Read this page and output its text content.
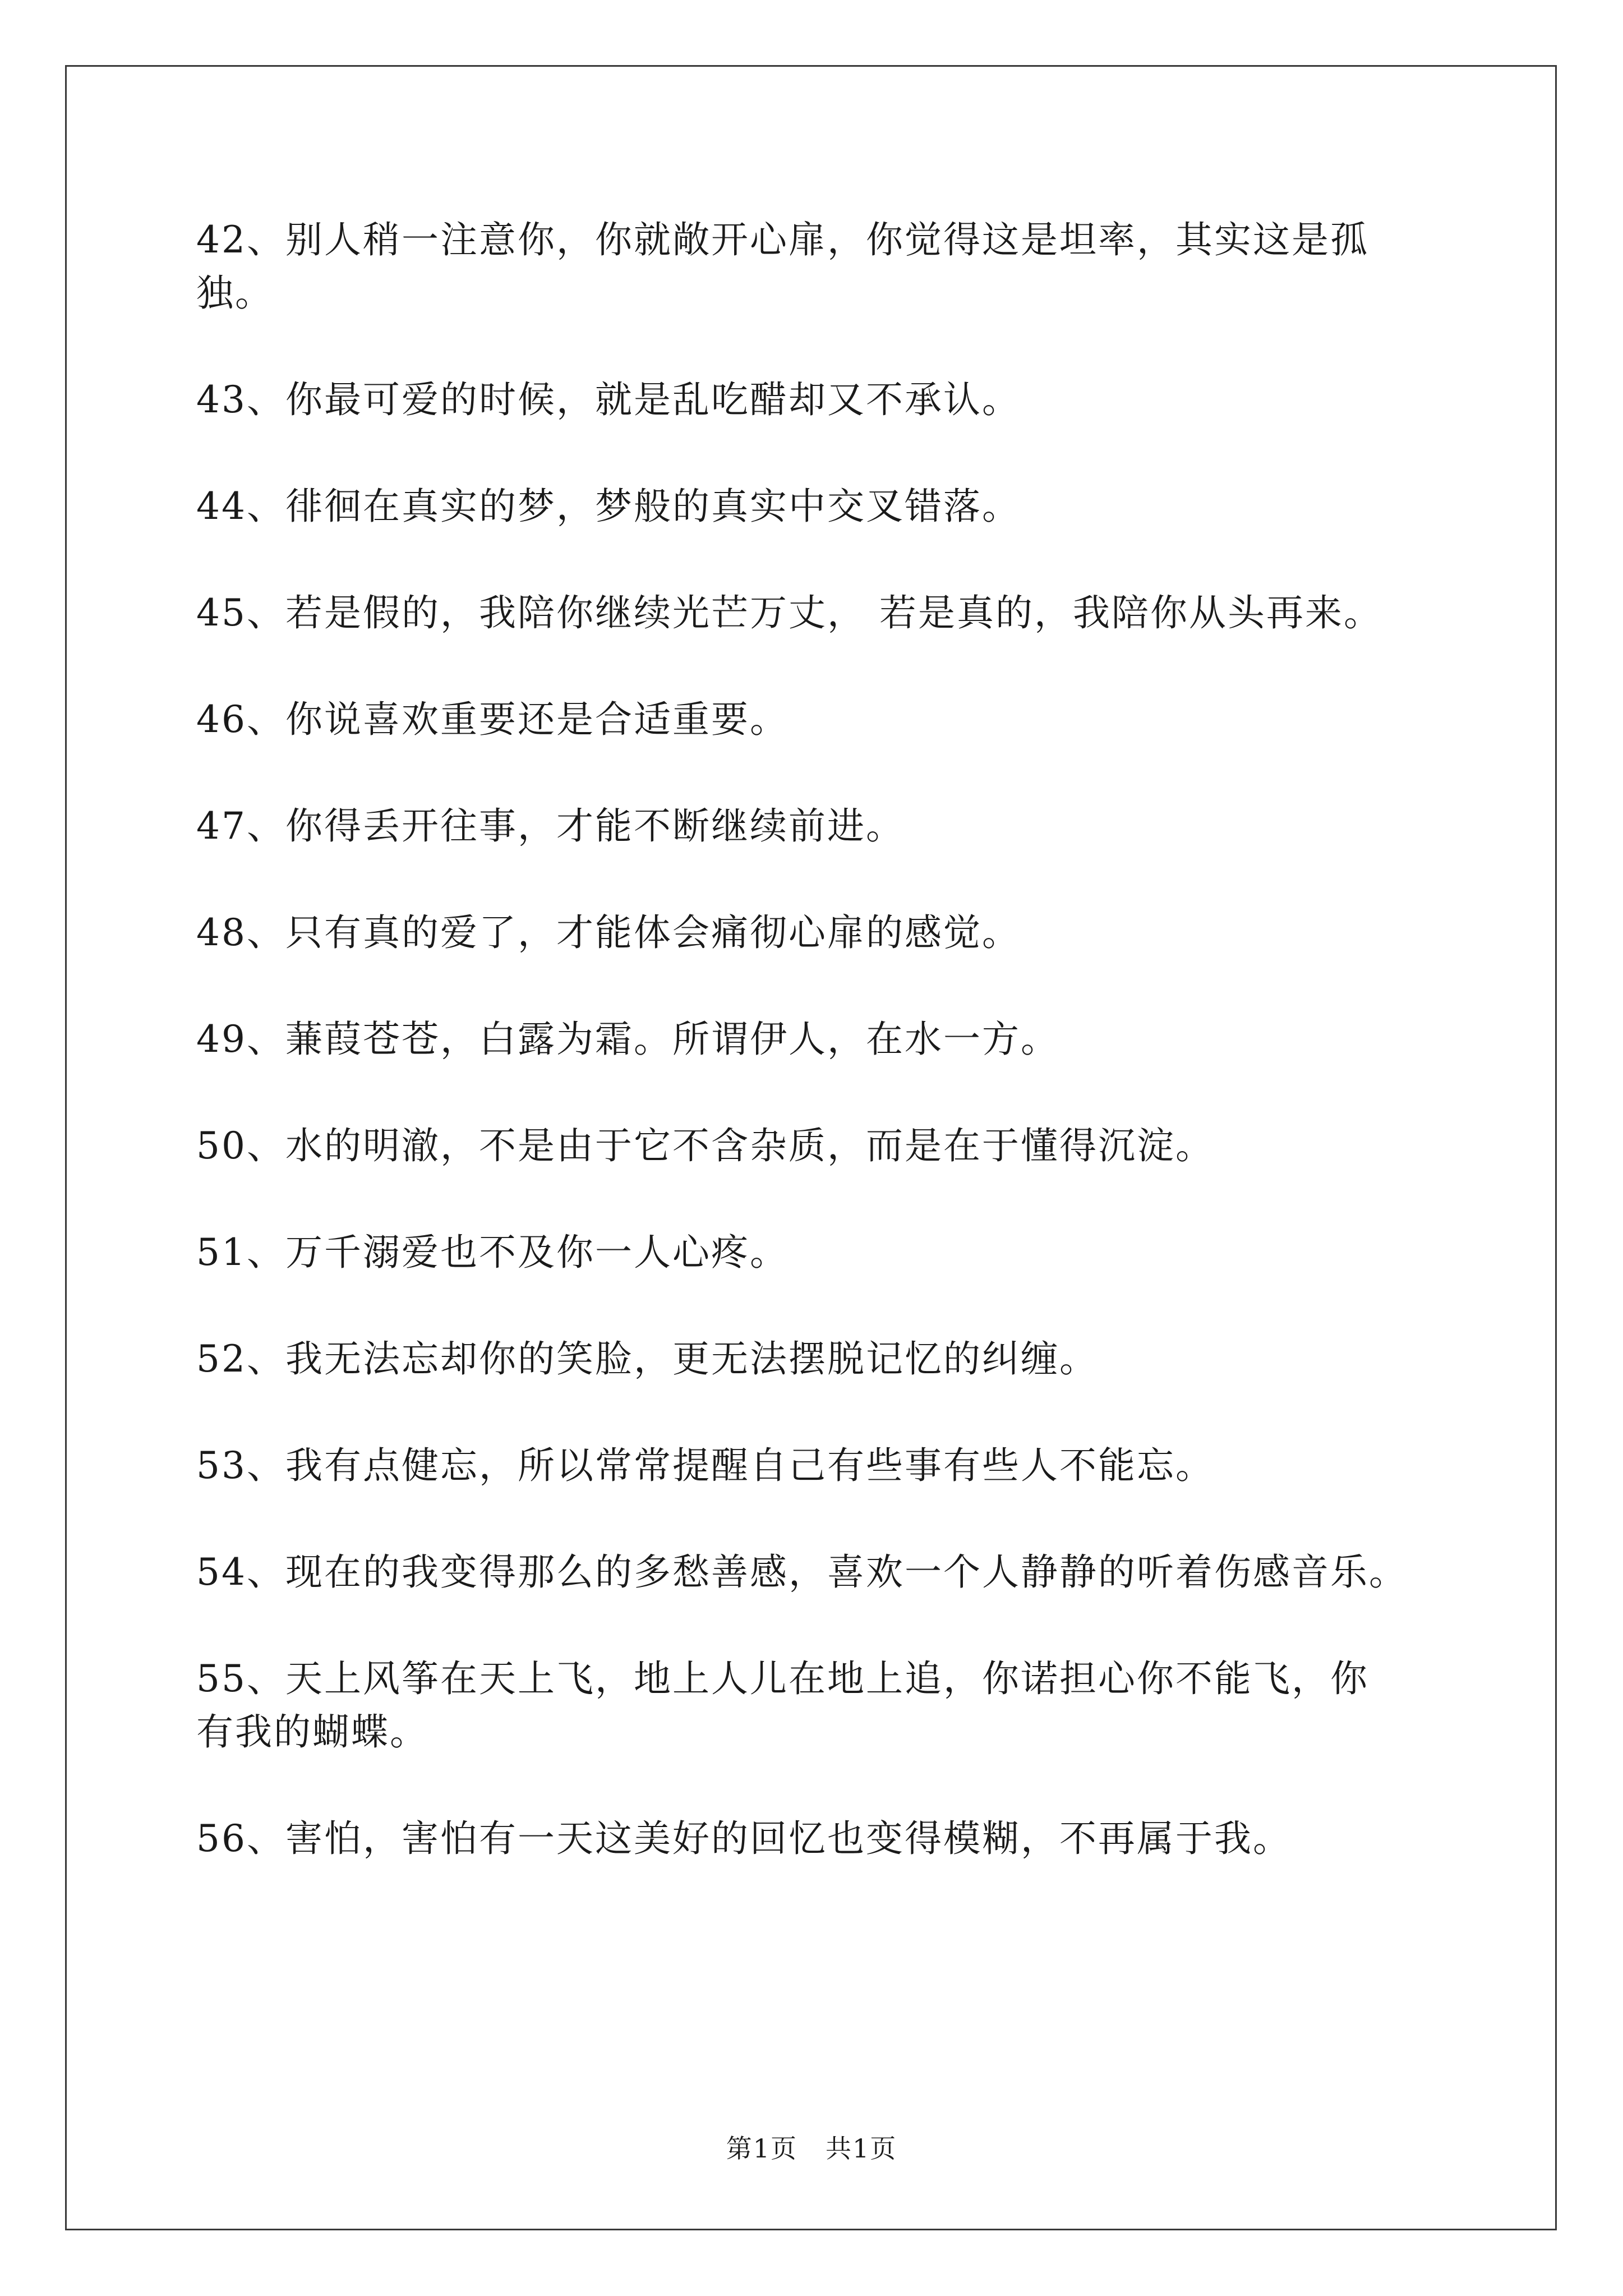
42、别人稍一注意你，你就敞开心扉，你觉得这是坦率，其实这是孤

独。

43、你最可爱的时候，就是乱吃醋却又不承认。

44、徘徊在真实的梦，梦般的真实中交叉错落。

45、若是假的，我陪你继续光芒万丈， 若是真的，我陪你从头再来。

46、你说喜欢重要还是合适重要。

47、你得丢开往事，才能不断继续前进。

48、只有真的爱了，才能体会痛彻心扉的感觉。

49、蒹葭苍苍，白露为霜。所谓伊人，在水一方。

50、水的明澈，不是由于它不含杂质，而是在于懂得沉淀。

51、万千溺爱也不及你一人心疼。

52、我无法忘却你的笑脸，更无法摆脱记忆的纠缠。

53、我有点健忘，所以常常提醒自己有些事有些人不能忘。

54、现在的我变得那么的多愁善感，喜欢一个人静静的听着伤感音乐。

55、天上风筝在天上飞，地上人儿在地上追，你诺担心你不能飞，你

有我的蝴蝶。

56、害怕，害怕有一天这美好的回忆也变得模糊，不再属于我。

第1页 共1页
